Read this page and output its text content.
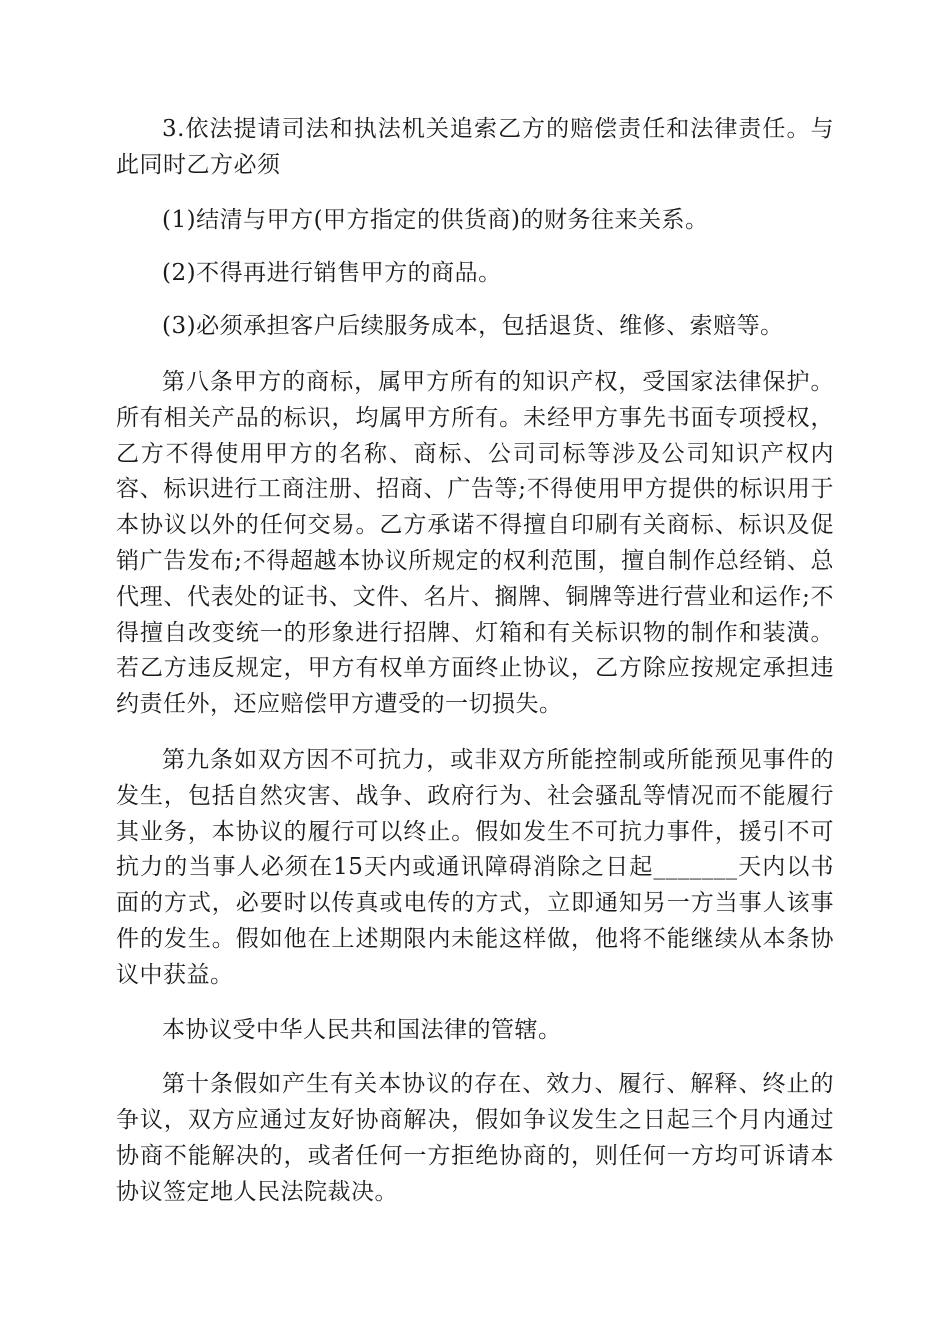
3.依法提请司法和执法机关追索乙方的赔偿责任和法律责任。与此同时乙方必须

(1)结清与甲方(甲方指定的供货商)的财务往来关系。

(2)不得再进行销售甲方的商品。

(3)必须承担客户后续服务成本，包括退货、维修、索赔等。

第八条甲方的商标，属甲方所有的知识产权，受国家法律保护。所有相关产品的标识，均属甲方所有。未经甲方事先书面专项授权，乙方不得使用甲方的名称、商标、公司司标等涉及公司知识产权内容、标识进行工商注册、招商、广告等;不得使用甲方提供的标识用于本协议以外的任何交易。乙方承诺不得擅自印刷有关商标、标识及促销广告发布;不得超越本协议所规定的权利范围，擅自制作总经销、总代理、代表处的证书、文件、名片、搁牌、铜牌等进行营业和运作;不得擅自改变统一的形象进行招牌、灯箱和有关标识物的制作和装潢。若乙方违反规定，甲方有权单方面终止协议，乙方除应按规定承担违约责任外，还应赔偿甲方遭受的一切损失。

第九条如双方因不可抗力，或非双方所能控制或所能预见事件的发生，包括自然灾害、战争、政府行为、社会骚乱等情况而不能履行其业务，本协议的履行可以终止。假如发生不可抗力事件，援引不可抗力的当事人必须在15天内或通讯障碍消除之日起_______天内以书面的方式，必要时以传真或电传的方式，立即通知另一方当事人该事件的发生。假如他在上述期限内未能这样做，他将不能继续从本条协议中获益。

本协议受中华人民共和国法律的管辖。

第十条假如产生有关本协议的存在、效力、履行、解释、终止的争议，双方应通过友好协商解决，假如争议发生之日起三个月内通过协商不能解决的，或者任何一方拒绝协商的，则任何一方均可诉请本协议签定地人民法院裁决。
